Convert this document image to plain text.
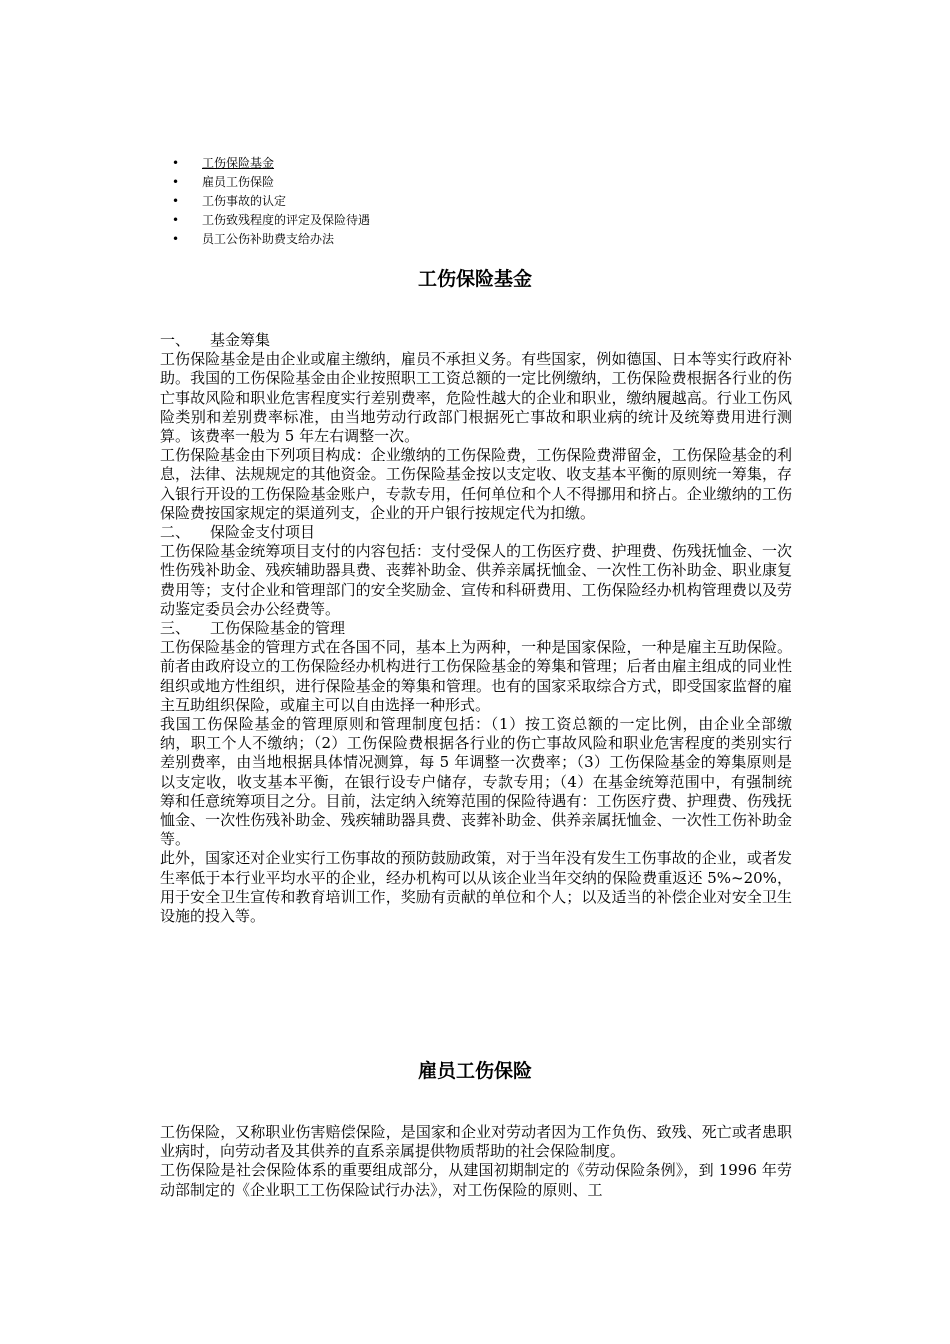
• 工伤保险基金
• 雇员工伤保险
• 工伤事故的认定
• 工伤致残程度的评定及保险待遇
• 员工公伤补助费支给办法
工伤保险基金

一、 基金筹集

工伤保险基金是由企业或雇主缴纳，雇员不承担义务。有些国家，例如德国、日本等实行政府补助。我国的工伤保险基金由企业按照职工工资总额的一定比例缴纳，工伤保险费根据各行业的伤亡事故风险和职业危害程度实行差别费率，危险性越大的企业和职业，缴纳履越高。行业工伤风险类别和差别费率标准，由当地劳动行政部门根据死亡事故和职业病的统计及统筹费用进行测算。该费率一般为 5 年左右调整一次。

工伤保险基金由下列项目构成：企业缴纳的工伤保险费，工伤保险费滞留金，工伤保险基金的利息，法律、法规规定的其他资金。工伤保险基金按以支定收、收支基本平衡的原则统一筹集，存入银行开设的工伤保险基金账户，专款专用，任何单位和个人不得挪用和挤占。企业缴纳的工伤保险费按国家规定的渠道列支，企业的开户银行按规定代为扣缴。

二、 保险金支付项目

工伤保险基金统筹项目支付的内容包括：支付受保人的工伤医疗费、护理费、伤残抚恤金、一次性伤残补助金、残疾辅助器具费、丧葬补助金、供养亲属抚恤金、一次性工伤补助金、职业康复费用等；支付企业和管理部门的安全奖励金、宣传和科研费用、工伤保险经办机构管理费以及劳动鉴定委员会办公经费等。

三、 工伤保险基金的管理

工伤保险基金的管理方式在各国不同，基本上为两种，一种是国家保险，一种是雇主互助保险。前者由政府设立的工伤保险经办机构进行工伤保险基金的筹集和管理；后者由雇主组成的同业性组织或地方性组织，进行保险基金的筹集和管理。也有的国家采取综合方式，即受国家监督的雇主互助组织保险，或雇主可以自由选择一种形式。

我国工伤保险基金的管理原则和管理制度包括：（1）按工资总额的一定比例，由企业全部缴纳，职工个人不缴纳；（2）工伤保险费根据各行业的伤亡事故风险和职业危害程度的类别实行差别费率，由当地根据具体情况测算，每 5 年调整一次费率；（3）工伤保险基金的筹集原则是以支定收，收支基本平衡，在银行设专户储存，专款专用；（4）在基金统筹范围中，有强制统筹和任意统筹项目之分。目前，法定纳入统筹范围的保险待遇有：工伤医疗费、护理费、伤残抚恤金、一次性伤残补助金、残疾辅助器具费、丧葬补助金、供养亲属抚恤金、一次性工伤补助金等。

此外，国家还对企业实行工伤事故的预防鼓励政策，对于当年没有发生工伤事故的企业，或者发生率低于本行业平均水平的企业，经办机构可以从该企业当年交纳的保险费重返还 5%~20%，用于安全卫生宣传和教育培训工作，奖励有贡献的单位和个人；以及适当的补偿企业对安全卫生设施的投入等。

雇员工伤保险

工伤保险，又称职业伤害赔偿保险，是国家和企业对劳动者因为工作负伤、致残、死亡或者患职业病时，向劳动者及其供养的直系亲属提供物质帮助的社会保险制度。

工伤保险是社会保险体系的重要组成部分，从建国初期制定的《劳动保险条例》，到 1996 年劳动部制定的《企业职工工伤保险试行办法》，对工伤保险的原则、工
